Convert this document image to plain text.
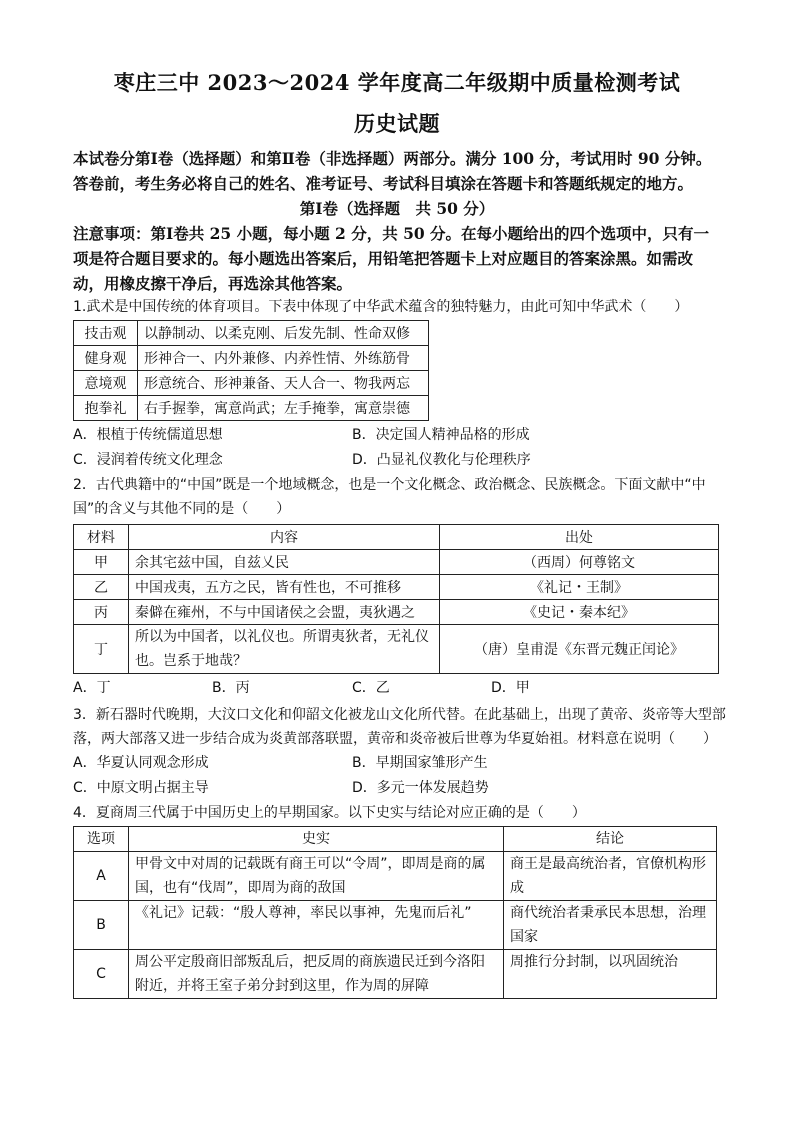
枣庄三中 2023～2024 学年度高二年级期中质量检测考试
历史试题
本试卷分第Ⅰ卷（选择题）和第Ⅱ卷（非选择题）两部分。满分 100 分，考试用时 90 分钟。
答卷前，考生务必将自己的姓名、准考证号、考试科目填涂在答题卡和答题纸规定的地方。
第Ⅰ卷（选择题　共 50 分）
注意事项：第Ⅰ卷共 25 小题，每小题 2 分，共 50 分。在每小题给出的四个选项中，只有一
项是符合题目要求的。每小题选出答案后，用铅笔把答题卡上对应题目的答案涂黑。如需改
动，用橡皮擦干净后，再选涂其他答案。
1.武术是中国传统的体育项目。下表中体现了中华武术蕴含的独特魅力，由此可知中华武术（　　）
技击观	以静制动、以柔克刚、后发先制、性命双修
健身观	形神合一、内外兼修、内养性情、外练筋骨
意境观	形意统合、形神兼备、天人合一、物我两忘
抱拳礼	右手握拳，寓意尚武；左手掩拳，寓意崇德
A．根植于传统儒道思想	B．决定国人精神品格的形成
C．浸润着传统文化理念	D．凸显礼仪教化与伦理秩序
2．古代典籍中的“中国”既是一个地域概念，也是一个文化概念、政治概念、民族概念。下面文献中“中
国”的含义与其他不同的是（　　）
材料	内容	出处
甲	余其宅兹中国，自兹乂民	（西周）何尊铭文
乙	中国戎夷，五方之民，皆有性也，不可推移	《礼记・王制》
丙	秦僻在雍州，不与中国诸侯之会盟，夷狄遇之	《史记・秦本纪》
丁	所以为中国者，以礼仪也。所谓夷狄者，无礼仪也。岂系于地哉？	（唐）皇甫湜《东晋元魏正闰论》
A．丁	B．丙	C．乙	D．甲
3．新石器时代晚期，大汶口文化和仰韶文化被龙山文化所代替。在此基础上，出现了黄帝、炎帝等大型部
落，两大部落又进一步结合成为炎黄部落联盟，黄帝和炎帝被后世尊为华夏始祖。材料意在说明（　　）
A．华夏认同观念形成	B．早期国家雏形产生
C．中原文明占据主导	D．多元一体发展趋势
4．夏商周三代属于中国历史上的早期国家。以下史实与结论对应正确的是（　　）
选项	史实	结论
A	甲骨文中对周的记载既有商王可以“令周”，即周是商的属国，也有“伐周”，即周为商的敌国	商王是最高统治者，官僚机构形成
B	《礼记》记载：“殷人尊神，率民以事神，先鬼而后礼”	商代统治者秉承民本思想，治理国家
C	周公平定殷商旧部叛乱后，把反周的商族遗民迁到今洛阳附近，并将王室子弟分封到这里，作为周的屏障	周推行分封制，以巩固统治
